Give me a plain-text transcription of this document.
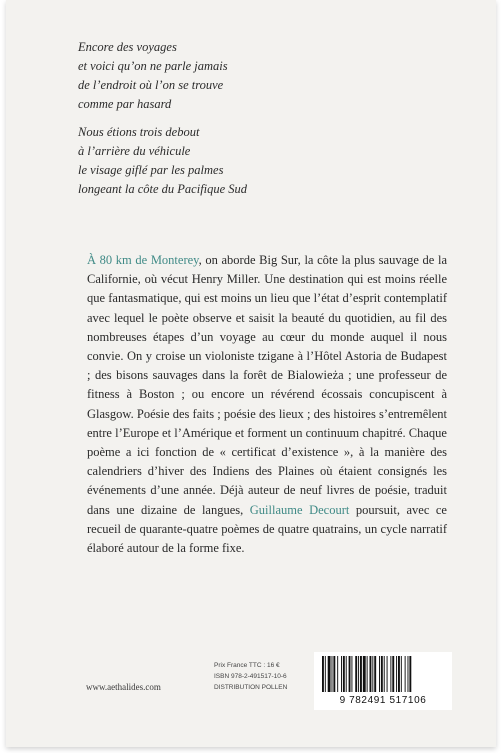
Encore des voyages
et voici qu’on ne parle jamais
de l’endroit où l’on se trouve
comme par hasard
Nous étions trois debout
à l’arrière du véhicule
le visage giflé par les palmes
longeant la côte du Pacifique Sud

À 80 km de Monterey, on aborde Big Sur, la côte la plus sauvage de la Californie, où vécut Henry Miller. Une destination qui est moins réelle que fantasmatique, qui est moins un lieu que l’état d’esprit contemplatif avec lequel le poète observe et saisit la beauté du quotidien, au fil des nombreuses étapes d’un voyage au cœur du monde auquel il nous convie. On y croise un violoniste tzigane à l’Hôtel Astoria de Budapest ; des bisons sauvages dans la forêt de Bialowieża ; une professeur de fitness à Boston ; ou encore un révérend écossais concupiscent à Glasgow. Poésie des faits ; poésie des lieux ; des histoires s’entremêlent entre l’Europe et l’Amérique et forment un continuum chapitré. Chaque poème a ici fonction de « certificat d’existence », à la manière des calendriers d’hiver des Indiens des Plaines où étaient consignés les événements d’une année. Déjà auteur de neuf livres de poésie, traduit dans une dizaine de langues, Guillaume Decourt poursuit, avec ce recueil de quarante-quatre poèmes de quatre quatrains, un cycle narratif élaboré autour de la forme fixe.

www.aethalides.com
Prix France TTC : 16 €
ISBN 978-2-491517-10-6
DISTRIBUTION POLLEN
9 782491 517106
